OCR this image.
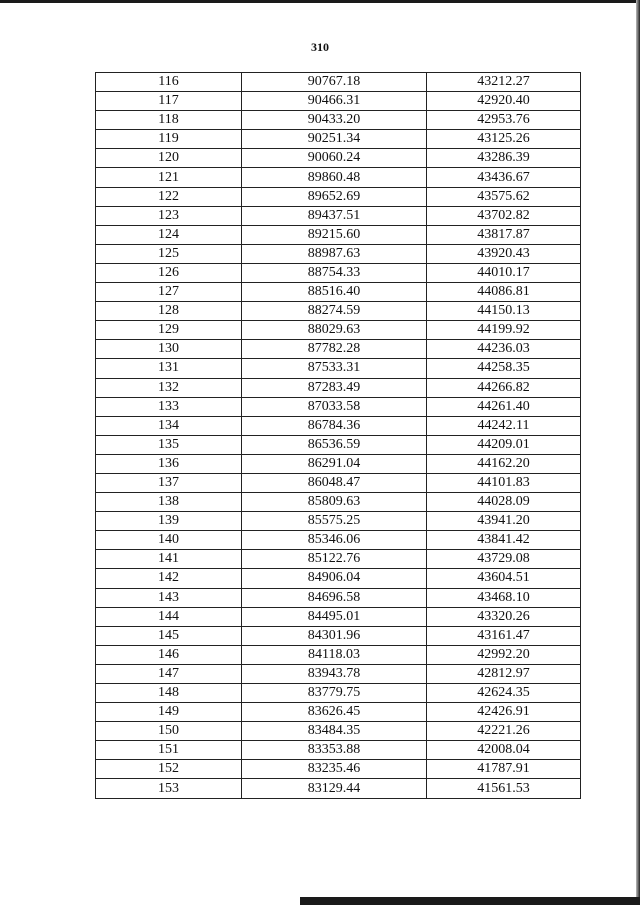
310
116	90767.18	43212.27
117	90466.31	42920.40
118	90433.20	42953.76
119	90251.34	43125.26
120	90060.24	43286.39
121	89860.48	43436.67
122	89652.69	43575.62
123	89437.51	43702.82
124	89215.60	43817.87
125	88987.63	43920.43
126	88754.33	44010.17
127	88516.40	44086.81
128	88274.59	44150.13
129	88029.63	44199.92
130	87782.28	44236.03
131	87533.31	44258.35
132	87283.49	44266.82
133	87033.58	44261.40
134	86784.36	44242.11
135	86536.59	44209.01
136	86291.04	44162.20
137	86048.47	44101.83
138	85809.63	44028.09
139	85575.25	43941.20
140	85346.06	43841.42
141	85122.76	43729.08
142	84906.04	43604.51
143	84696.58	43468.10
144	84495.01	43320.26
145	84301.96	43161.47
146	84118.03	42992.20
147	83943.78	42812.97
148	83779.75	42624.35
149	83626.45	42426.91
150	83484.35	42221.26
151	83353.88	42008.04
152	83235.46	41787.91
153	83129.44	41561.53
